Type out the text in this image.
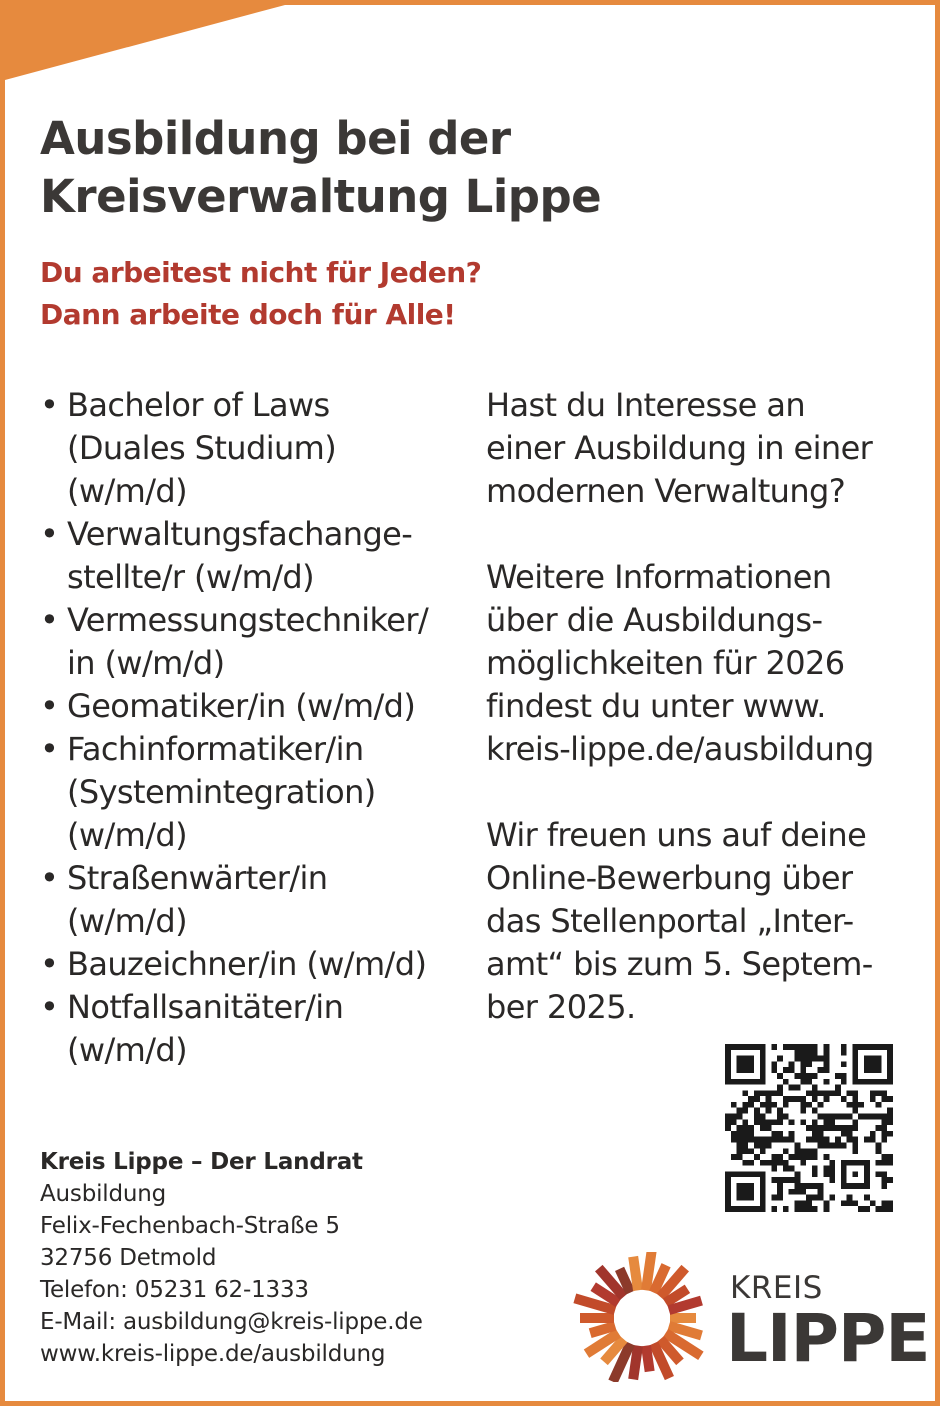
Ausbildung bei der
Kreisverwaltung Lippe
Du arbeitest nicht für Jeden?
Dann arbeite doch für Alle!
• Bachelor of Laws
(Duales Studium)
(w/m/d)
• Verwaltungsfachange-
stellte/r (w/m/d)
• Vermessungstechniker/
in (w/m/d)
• Geomatiker/in (w/m/d)
• Fachinformatiker/in
(Systemintegration)
(w/m/d)
• Straßenwärter/in
(w/m/d)
• Bauzeichner/in (w/m/d)
• Notfallsanitäter/in
(w/m/d)

Hast du Interesse an
einer Ausbildung in einer
modernen Verwaltung?

Weitere Informationen
über die Ausbildungs-
möglichkeiten für 2026
findest du unter www.
kreis-lippe.de/ausbildung

Wir freuen uns auf deine
Online-Bewerbung über
das Stellenportal „Inter-
amt“ bis zum 5. Septem-
ber 2025.

Kreis Lippe – Der Landrat
Ausbildung
Felix-Fechenbach-Straße 5
32756 Detmold
Telefon: 05231 62-1333
E-Mail: ausbildung@kreis-lippe.de
www.kreis-lippe.de/ausbildung
KREIS
LIPPE
